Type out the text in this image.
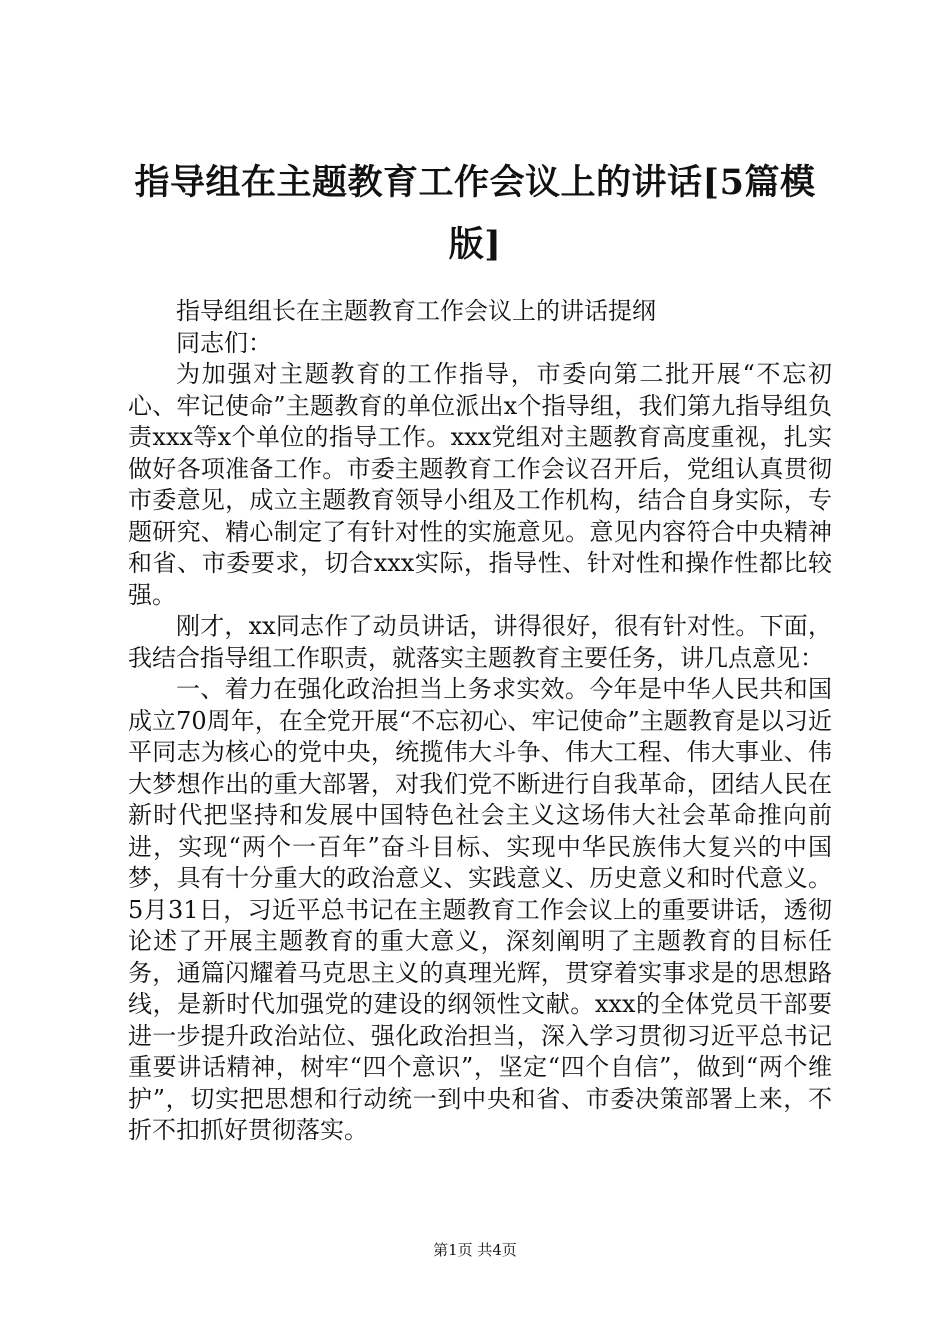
指导组在主题教育工作会议上的讲话[5篇模版]

指导组组长在主题教育工作会议上的讲话提纲

同志们：

为加强对主题教育的工作指导，市委向第二批开展“不忘初心、牢记使命”主题教育的单位派出x个指导组，我们第九指导组负责xxx等x个单位的指导工作。xxx党组对主题教育高度重视，扎实做好各项准备工作。市委主题教育工作会议召开后，党组认真贯彻市委意见，成立主题教育领导小组及工作机构，结合自身实际，专题研究、精心制定了有针对性的实施意见。意见内容符合中央精神和省、市委要求，切合xxx实际，指导性、针对性和操作性都比较强。

刚才，xx同志作了动员讲话，讲得很好，很有针对性。下面，我结合指导组工作职责，就落实主题教育主要任务，讲几点意见：

一、着力在强化政治担当上务求实效。今年是中华人民共和国成立70周年，在全党开展“不忘初心、牢记使命”主题教育是以习近平同志为核心的党中央，统揽伟大斗争、伟大工程、伟大事业、伟大梦想作出的重大部署，对我们党不断进行自我革命，团结人民在新时代把坚持和发展中国特色社会主义这场伟大社会革命推向前进，实现“两个一百年”奋斗目标、实现中华民族伟大复兴的中国梦，具有十分重大的政治意义、实践意义、历史意义和时代意义。5月31日，习近平总书记在主题教育工作会议上的重要讲话，透彻论述了开展主题教育的重大意义，深刻阐明了主题教育的目标任务，通篇闪耀着马克思主义的真理光辉，贯穿着实事求是的思想路线，是新时代加强党的建设的纲领性文献。xxx的全体党员干部要进一步提升政治站位、强化政治担当，深入学习贯彻习近平总书记重要讲话精神，树牢“四个意识”，坚定“四个自信”，做到“两个维护”，切实把思想和行动统一到中央和省、市委决策部署上来，不折不扣抓好贯彻落实。

第1页 共4页
